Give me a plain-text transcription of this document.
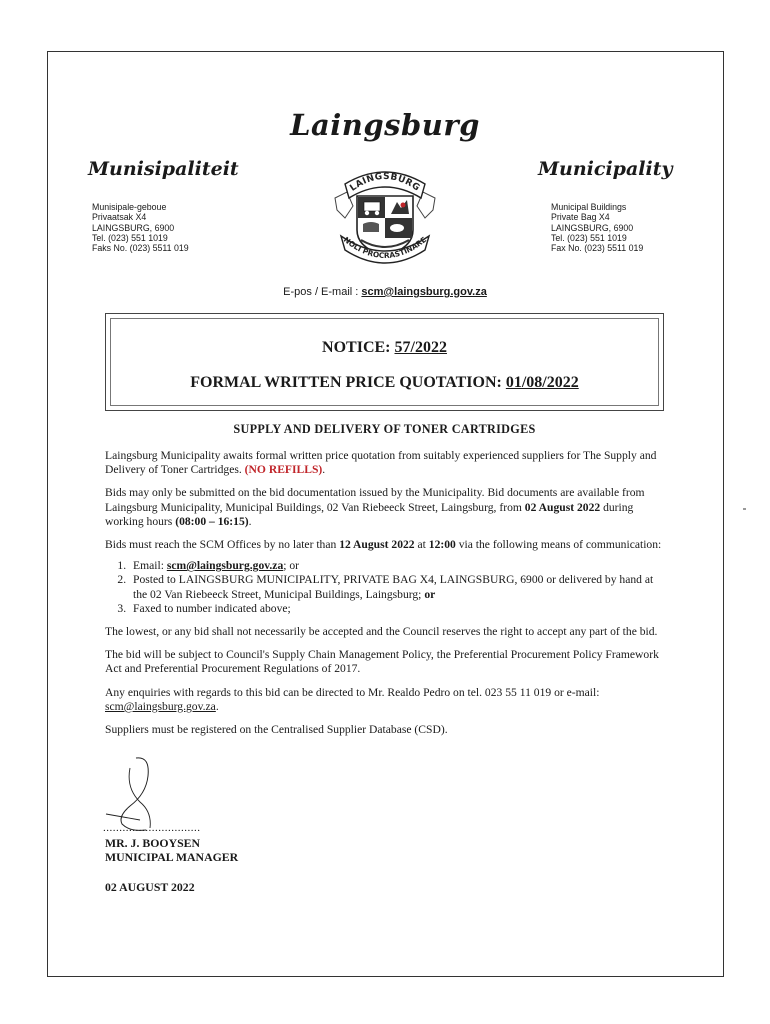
Laingsburg
Munisipaliteit	Municipality
Munisipale-geboue
Privaatsak X4
LAINGSBURG, 6900
Tel. (023) 551 1019
Faks No. (023) 5511 019
Municipal Buildings
Private Bag X4
LAINGSBURG, 6900
Tel. (023) 551 1019
Fax No. (023) 5511 019
LAINGSBURG
NOLI PROCRASTINARE
E-pos / E-mail : scm@laingsburg.gov.za
NOTICE: 57/2022
FORMAL WRITTEN PRICE QUOTATION: 01/08/2022
SUPPLY AND DELIVERY OF TONER CARTRIDGES

Laingsburg Municipality awaits formal written price quotation from suitably experienced suppliers for The Supply and Delivery of Toner Cartridges. (NO REFILLS).

Bids may only be submitted on the bid documentation issued by the Municipality. Bid documents are available from Laingsburg Municipality, Municipal Buildings, 02 Van Riebeeck Street, Laingsburg, from 02 August 2022 during working hours (08:00 – 16:15).

Bids must reach the SCM Offices by no later than 12 August 2022 at 12:00 via the following means of communication:

1. Email: scm@laingsburg.gov.za; or
2. Posted to LAINGSBURG MUNICIPALITY, PRIVATE BAG X4, LAINGSBURG, 6900 or delivered by hand at the 02 Van Riebeeck Street, Municipal Buildings, Laingsburg; or
3. Faxed to number indicated above;

The lowest, or any bid shall not necessarily be accepted and the Council reserves the right to accept any part of the bid.

The bid will be subject to Council's Supply Chain Management Policy, the Preferential Procurement Policy Framework Act and Preferential Procurement Regulations of 2017.

Any enquiries with regards to this bid can be directed to Mr. Realdo Pedro on tel. 023 55 11 019 or e-mail: scm@laingsburg.gov.za.

Suppliers must be registered on the Centralised Supplier Database (CSD).

..............................
MR. J. BOOYSEN
MUNICIPAL MANAGER
02 AUGUST 2022
